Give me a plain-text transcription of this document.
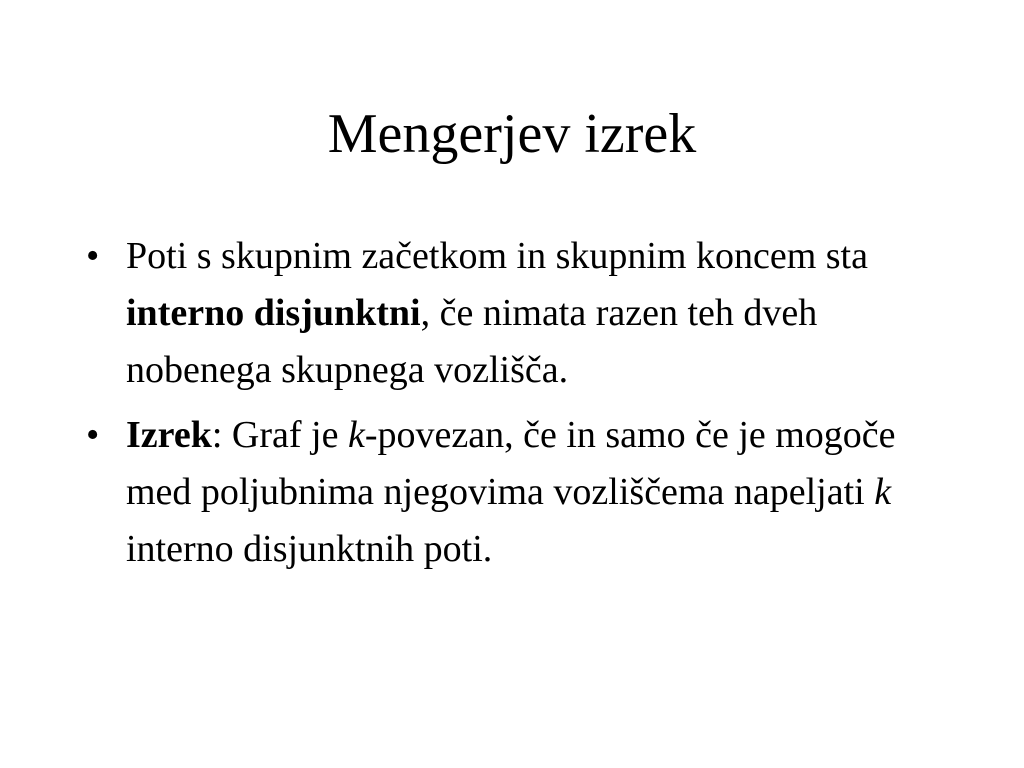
Mengerjev izrek
• Poti s skupnim začetkom in skupnim koncem sta interno disjunktni, če nimata razen teh dveh nobenega skupnega vozlišča.
• Izrek: Graf je k-povezan, če in samo če je mogoče med poljubnima njegovima vozliščema napeljati k interno disjunktnih poti.
